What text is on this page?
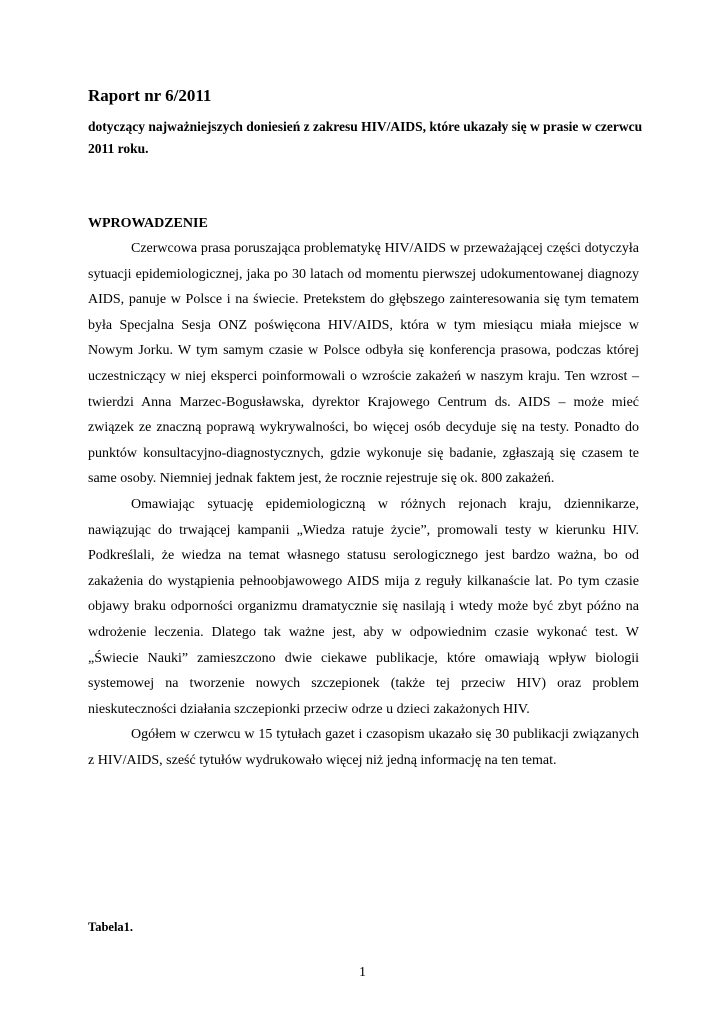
Raport nr 6/2011
dotyczący najważniejszych doniesień z zakresu HIV/AIDS, które ukazały się w prasie w czerwcu 2011 roku.
WPROWADZENIE

Czerwcowa prasa poruszająca problematykę HIV/AIDS w przeważającej części dotyczyła sytuacji epidemiologicznej, jaka po 30 latach od momentu pierwszej udokumentowanej diagnozy AIDS, panuje w Polsce i na świecie. Pretekstem do głębszego zainteresowania się tym tematem była Specjalna Sesja ONZ poświęcona HIV/AIDS, która w tym miesiącu miała miejsce w Nowym Jorku. W tym samym czasie w Polsce odbyła się konferencja prasowa, podczas której uczestniczący w niej eksperci poinformowali o wzroście zakażeń w naszym kraju. Ten wzrost – twierdzi Anna Marzec-Bogusławska, dyrektor Krajowego Centrum ds. AIDS – może mieć związek ze znaczną poprawą wykrywalności, bo więcej osób decyduje się na testy. Ponadto do punktów konsultacyjno-diagnostycznych, gdzie wykonuje się badanie, zgłaszają się czasem te same osoby. Niemniej jednak faktem jest, że rocznie rejestruje się ok. 800 zakażeń.

Omawiając sytuację epidemiologiczną w różnych rejonach kraju, dziennikarze, nawiązując do trwającej kampanii „Wiedza ratuje życie”, promowali testy w kierunku HIV. Podkreślali, że wiedza na temat własnego statusu serologicznego jest bardzo ważna, bo od zakażenia do wystąpienia pełnoobjawowego AIDS mija z reguły kilkanaście lat. Po tym czasie objawy braku odporności organizmu dramatycznie się nasilają i wtedy może być zbyt późno na wdrożenie leczenia. Dlatego tak ważne jest, aby w odpowiednim czasie wykonać test. W „Świecie Nauki” zamieszczono dwie ciekawe publikacje, które omawiają wpływ biologii systemowej na tworzenie nowych szczepionek (także tej przeciw HIV) oraz problem nieskuteczności działania szczepionki przeciw odrze u dzieci zakażonych HIV.

Ogółem w czerwcu w 15 tytułach gazet i czasopism ukazało się 30 publikacji związanych z HIV/AIDS, sześć tytułów wydrukowało więcej niż jedną informację na ten temat.

Tabela1.
1
